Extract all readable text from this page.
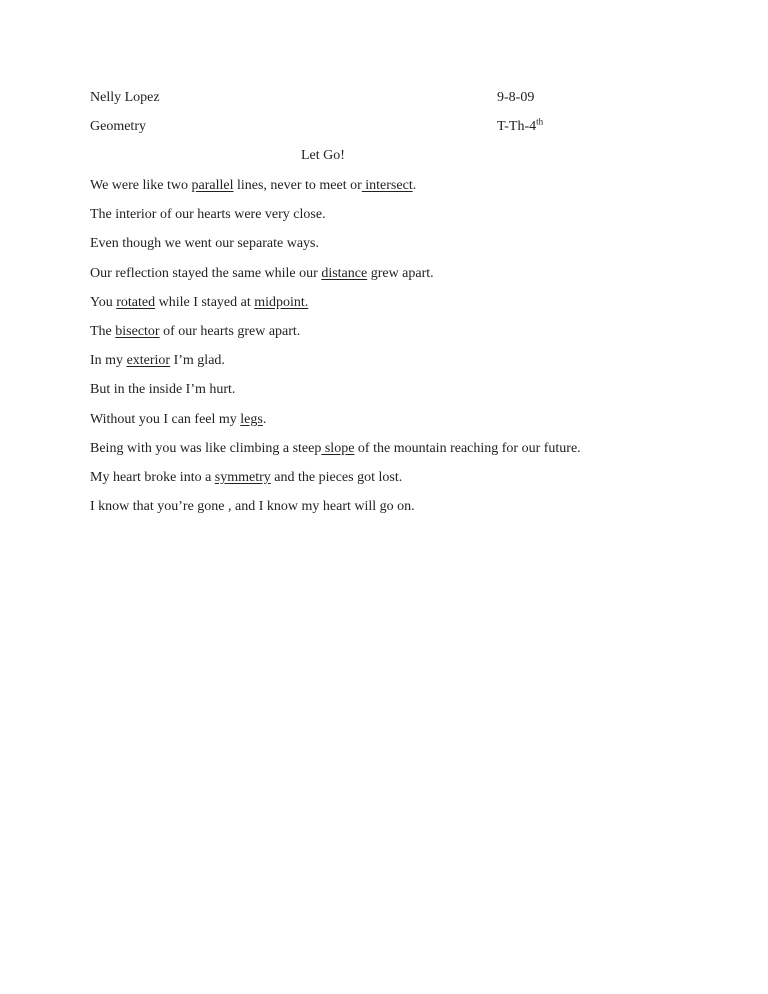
Nelly Lopez	9-8-09
Geometry	T-Th-4th
Let Go!
We were like two parallel lines, never to meet or intersect.
The interior of our hearts were very close.
Even though we went our separate ways.
Our reflection stayed the same while our distance grew apart.
You rotated while I stayed at midpoint.
The bisector of our hearts grew apart.
In my exterior I’m glad.
But in the inside I’m hurt.
Without you I can feel my legs.
Being with you was like climbing a steep slope of the mountain reaching for our future.
My heart broke into a symmetry and the pieces got lost.
I know that you’re gone , and I know my heart will go on.
